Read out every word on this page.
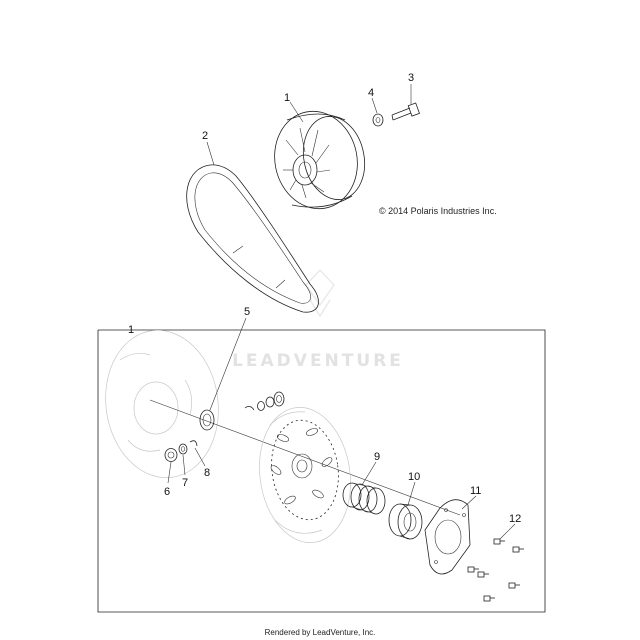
LEADVENTURE
© 2014 Polaris Industries Inc.
1
2
3
4
1
5
6
7
8
9
10
11
12
Rendered by LeadVenture, Inc.
